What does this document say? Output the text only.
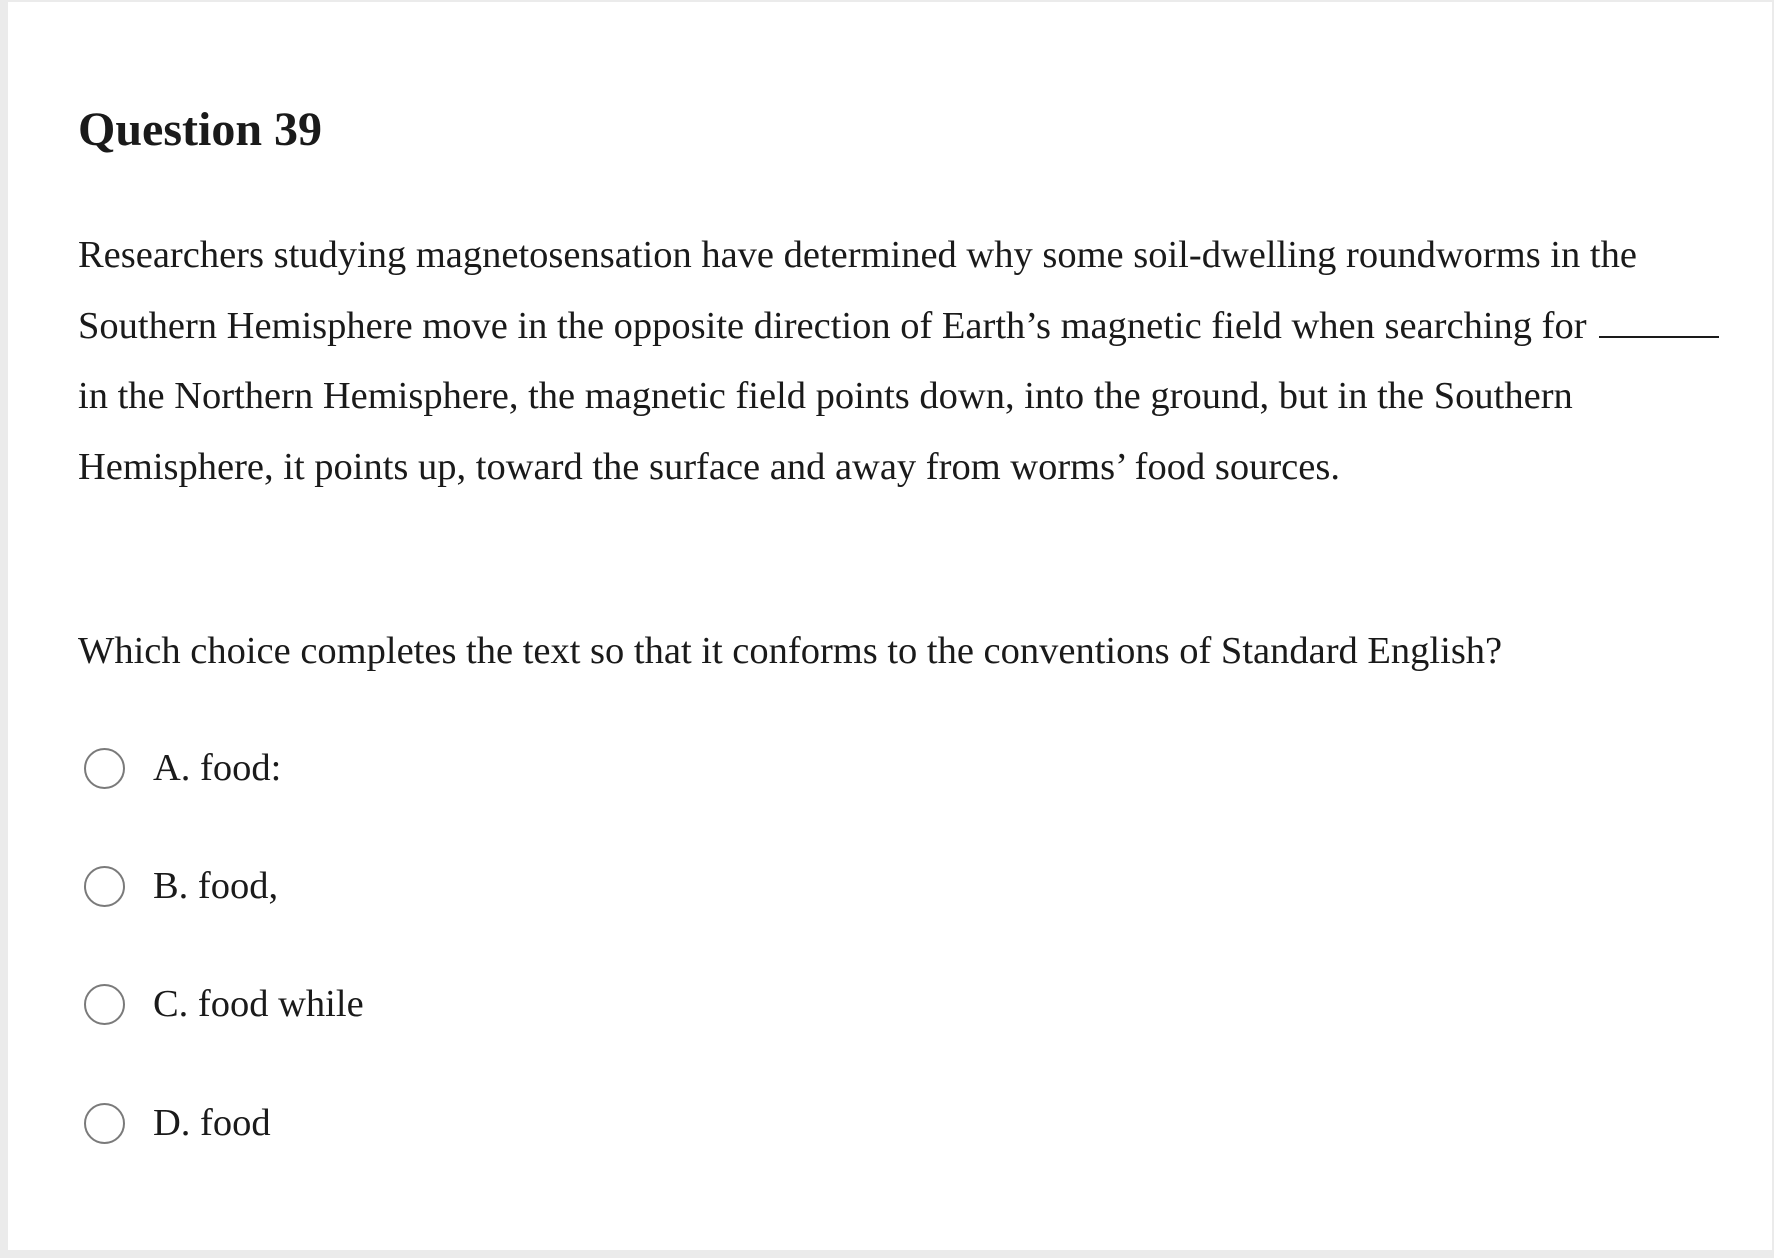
Question 39

Researchers studying magnetosensation have determined why some soil-dwelling roundworms in the Southern Hemisphere move in the opposite direction of Earth’s magnetic field when searching forin the Northern Hemisphere, the magnetic field points down, into the ground, but in the Southern Hemisphere, it points up, toward the surface and away from worms’ food sources.

Which choice completes the text so that it conforms to the conventions of Standard English?

A. food:
B. food,
C. food while
D. food
